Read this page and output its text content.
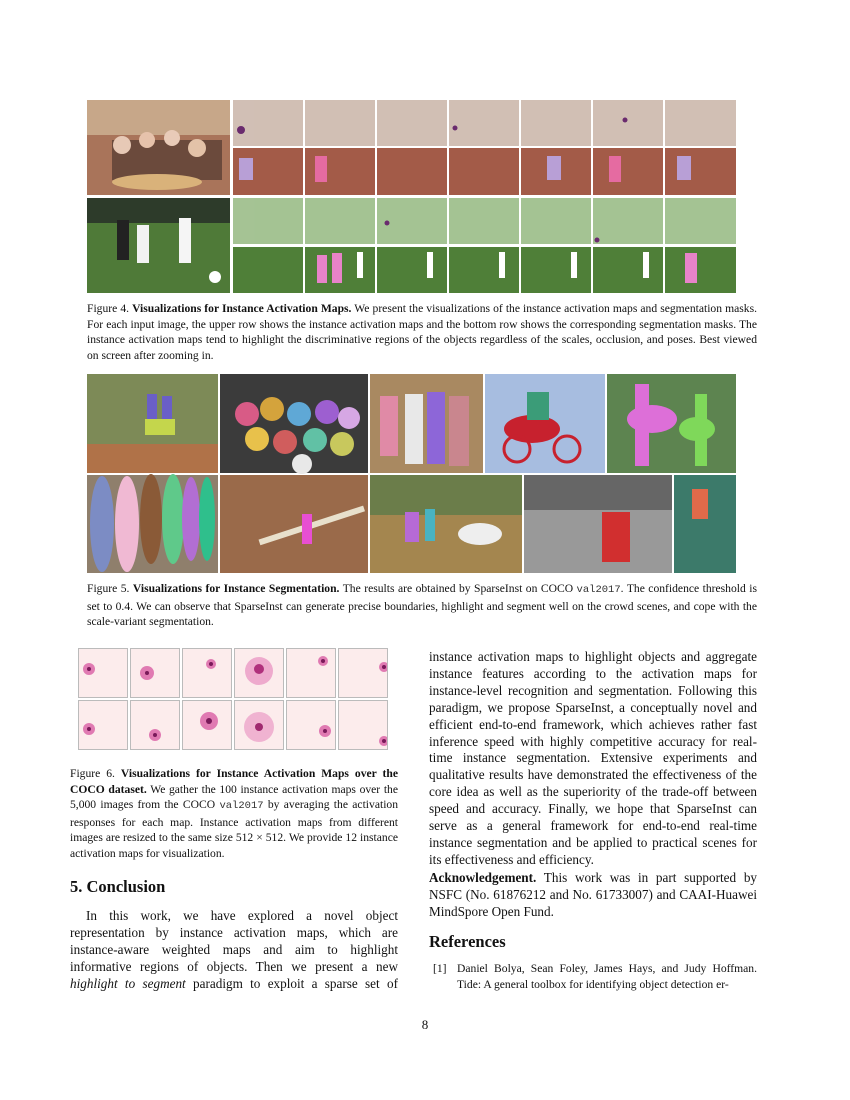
Figure 4. Visualizations for Instance Activation Maps. We present the visualizations of the instance activation maps and segmentation masks. For each input image, the upper row shows the instance activation maps and the bottom row shows the corresponding segmentation masks. The instance activation maps tend to highlight the discriminative regions of the objects regardless of the scales, occlusion, and poses. Best viewed on screen after zooming in.
Figure 5. Visualizations for Instance Segmentation. The results are obtained by SparseInst on COCO val2017. The confidence threshold is set to 0.4. We can observe that SparseInst can generate precise boundaries, highlight and segment well on the crowd scenes, and cope with the scale-variant segmentation.
Figure 6. Visualizations for Instance Activation Maps over the COCO dataset. We gather the 100 instance activation maps over the 5,000 images from the COCO val2017 by averaging the activation responses for each map. Instance activation maps from different images are resized to the same size 512 × 512. We provide 12 instance activation maps for visualization.
5. Conclusion
In this work, we have explored a novel object representation by instance activation maps, which are instance-aware weighted maps and aim to highlight informative regions of objects. Then we present a new highlight to segment paradigm to exploit a sparse set of
instance activation maps to highlight objects and aggregate instance features according to the activation maps for instance-level recognition and segmentation. Following this paradigm, we propose SparseInst, a conceptually novel and efficient end-to-end framework, which achieves rather fast inference speed with highly competitive accuracy for real-time instance segmentation. Extensive experiments and qualitative results have demonstrated the effectiveness of the core idea as well as the superiority of the trade-off between speed and accuracy. Finally, we hope that SparseInst can serve as a general framework for end-to-end real-time instance segmentation and be applied to practical scenes for its effectiveness and efficiency.
Acknowledgement. This work was in part supported by NSFC (No. 61876212 and No. 61733007) and CAAI-Huawei MindSpore Open Fund.
References
[1] Daniel Bolya, Sean Foley, James Hays, and Judy Hoffman. Tide: A general toolbox for identifying object detection er-
8
